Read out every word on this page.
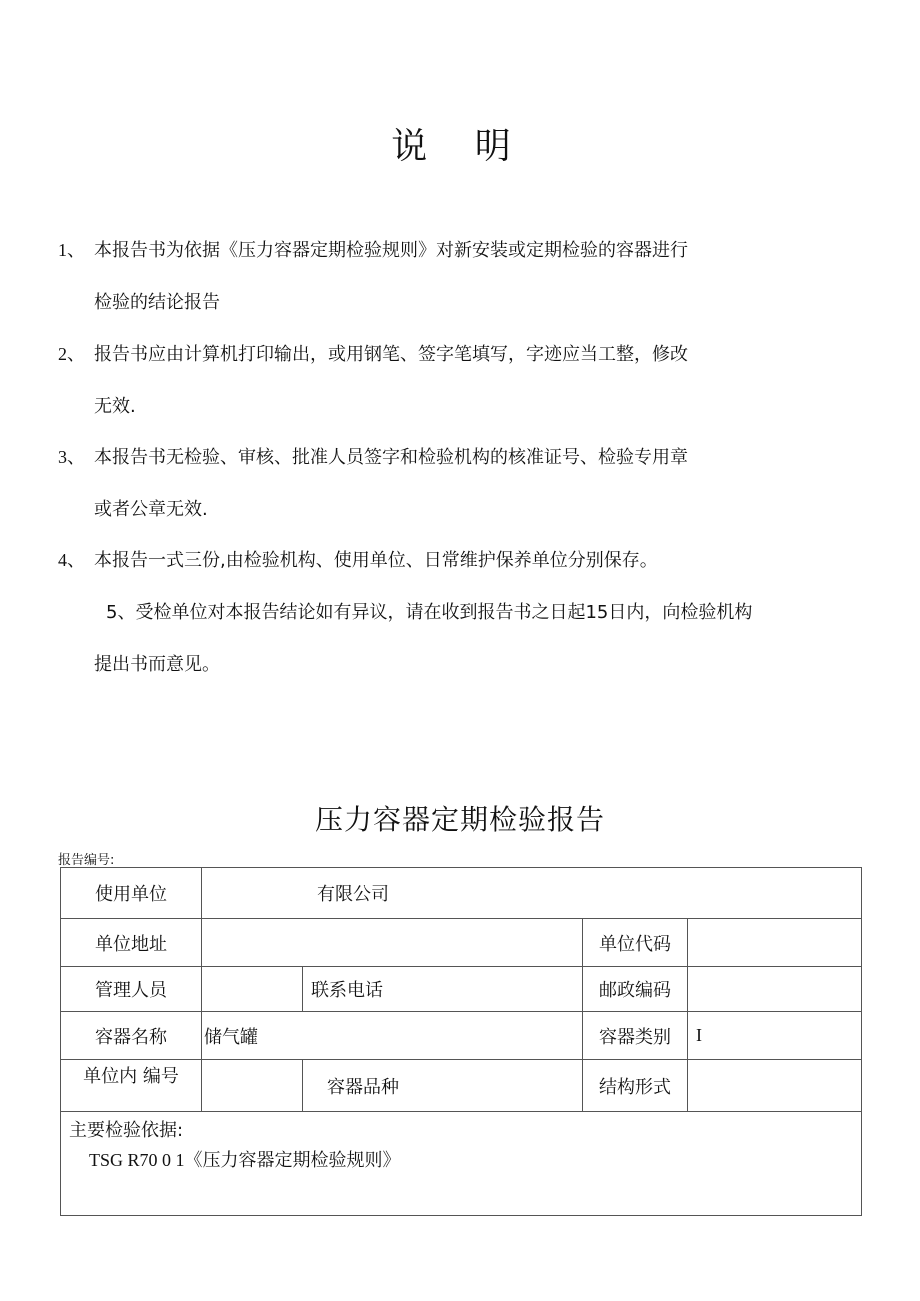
说 明
1、 本报告书为依据《压力容器定期检验规则》对新安装或定期检验的容器进行
检验的结论报告
2、 报告书应由计算机打印输出，或用钢笔、签字笔填写，字迹应当工整，修改
无效.
3、 本报告书无检验、审核、批准人员签字和检验机构的核准证号、检验专用章
或者公章无效.
4、 本报告一式三份,由检验机构、使用单位、日常维护保养单位分别保存。
5、受检单位对本报告结论如有异议，请在收到报告书之日起15日内，向检验机构
提出书而意见。
压力容器定期检验报告
报告编号:
使用单位	有限公司			
单位地址			单位代码	
管理人员		联系电话	邮政编码	
容器名称	储气罐		容器类别	I
单位内 编号		容器品种	结构形式	

主要检验依据:
TSG R70 0 1《压力容器定期检验规则》				
